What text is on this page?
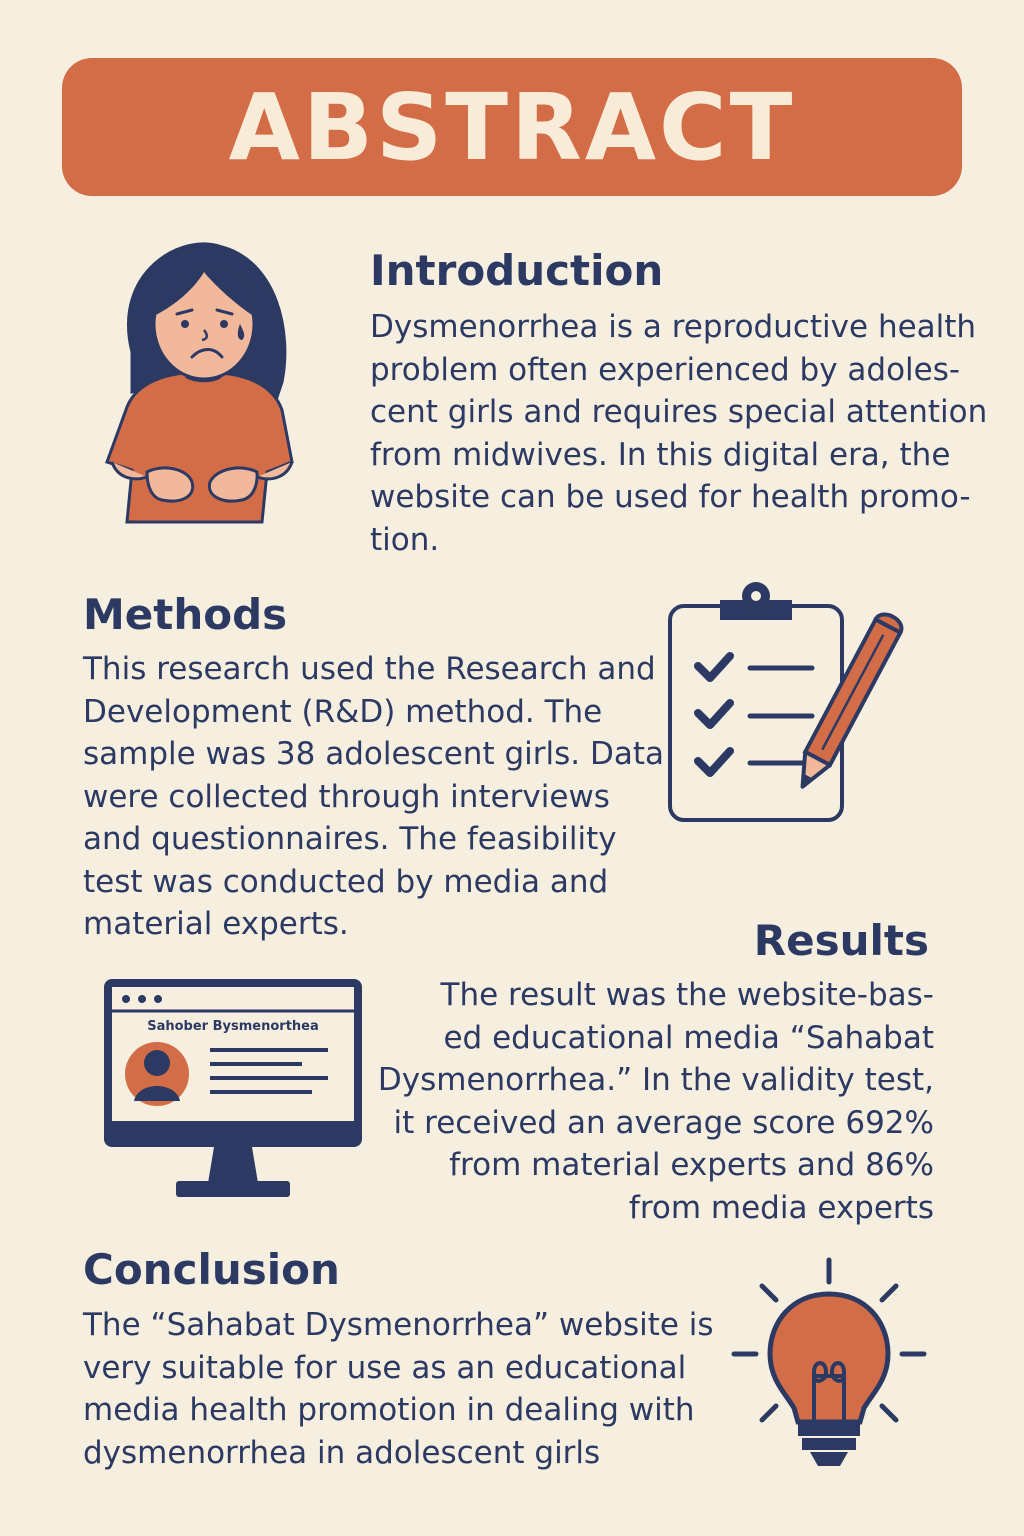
ABSTRACT
Introduction
Dysmenorrhea is a reproductive health
problem often experienced by adoles-
cent girls and requires special attention
from midwives. In this digital era, the
website can be used for health promo-
tion.
Methods
This research used the Research and
Development (R&D) method. The
sample was 38 adolescent girls. Data
were collected through interviews
and questionnaires. The feasibility
test was conducted by media and
material experts.	Results
The result was the website-bas-
ed educational media “Sahabat
Dysmenorrhea.” In the validity test,
it received an average score 692%
from material experts and 86%
from media experts
Sahober Bysmenorthea
Conclusion
The “Sahabat Dysmenorrhea” website is
very suitable for use as an educational
media health promotion in dealing with
dysmenorrhea in adolescent girls
